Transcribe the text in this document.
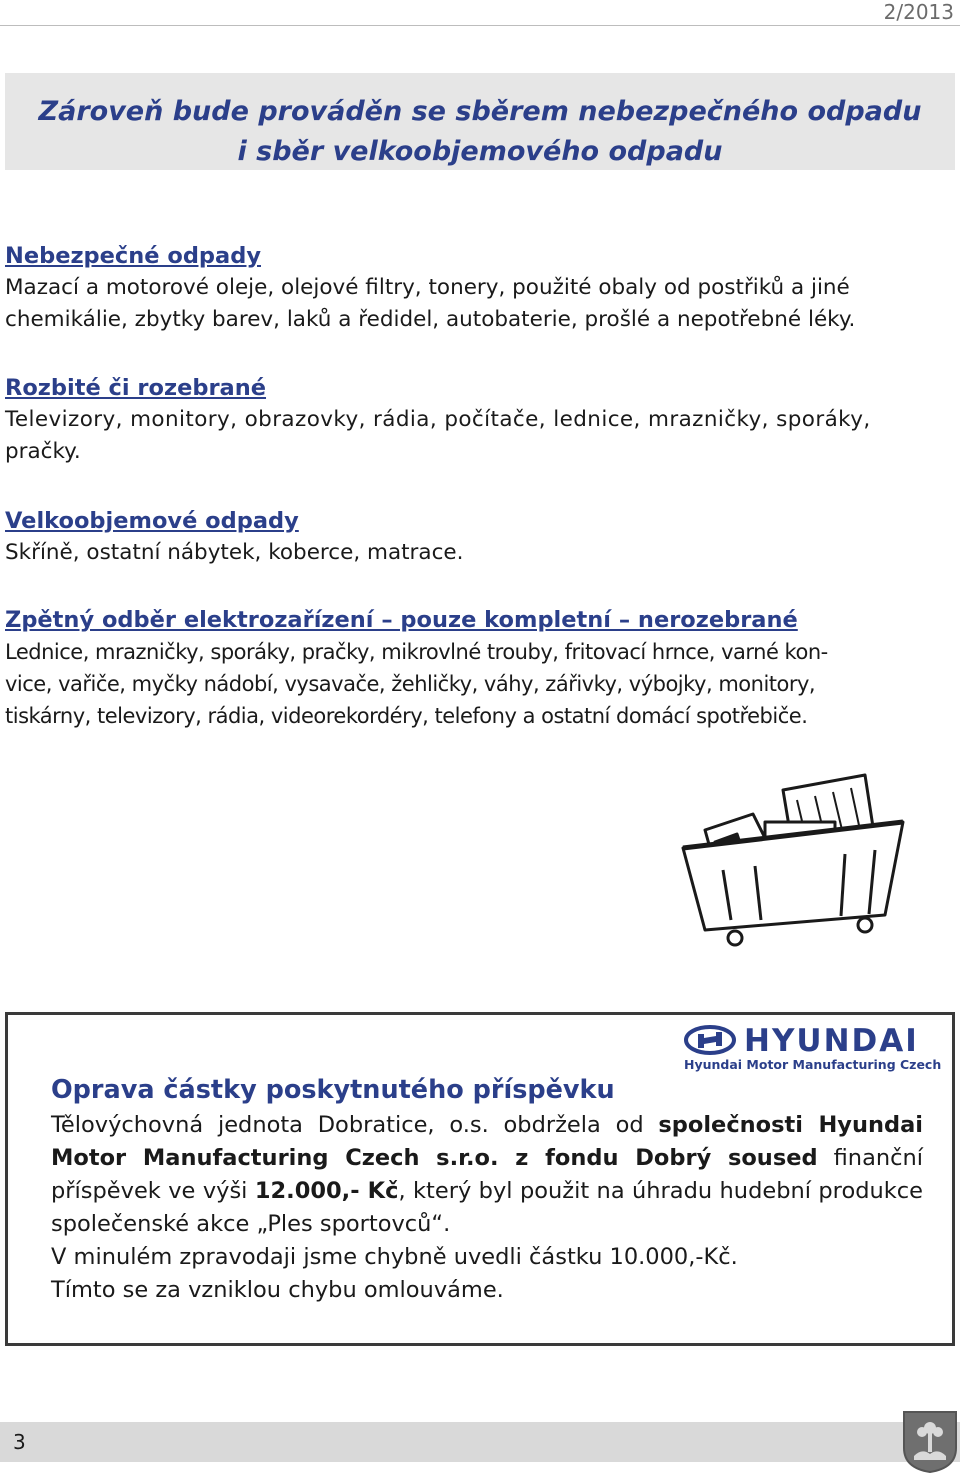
2/2013
Zároveň bude prováděn se sběrem nebezpečného odpadu
i sběr velkoobjemového odpadu
Nebezpečné odpady
Mazací a motorové oleje, olejové filtry, tonery, použité obaly od postřiků a jiné
chemikálie, zbytky barev, laků a ředidel, autobaterie, prošlé a nepotřebné léky.
Rozbité či rozebrané
Televizory, monitory, obrazovky, rádia, počítače, lednice, mrazničky, sporáky,
pračky.
Velkoobjemové odpady
Skříně, ostatní nábytek, koberce, matrace.
Zpětný odběr elektrozařízení – pouze kompletní – nerozebrané
Lednice, mrazničky, sporáky, pračky, mikrovlné trouby, fritovací hrnce, varné kon-
vice, vařiče, myčky nádobí, vysavače, žehličky, váhy, zářivky, výbojky, monitory,
tiskárny, televizory, rádia, videorekordéry, telefony a ostatní domácí spotřebiče.
HYUNDAI
Hyundai Motor Manufacturing Czech
Oprava částky poskytnutého příspěvku
Tělovýchovná jednota Dobratice, o.s. obdržela od společnosti Hyundai Motor Manufacturing Czech s.r.o. z fondu Dobrý soused finanční příspěvek ve výši 12.000,- Kč, který byl použit na úhradu hudební produkce společenské akce „Ples sportovců“.
V minulém zpravodaji jsme chybně uvedli částku 10.000,-Kč.
Tímto se za vzniklou chybu omlouváme.
3
